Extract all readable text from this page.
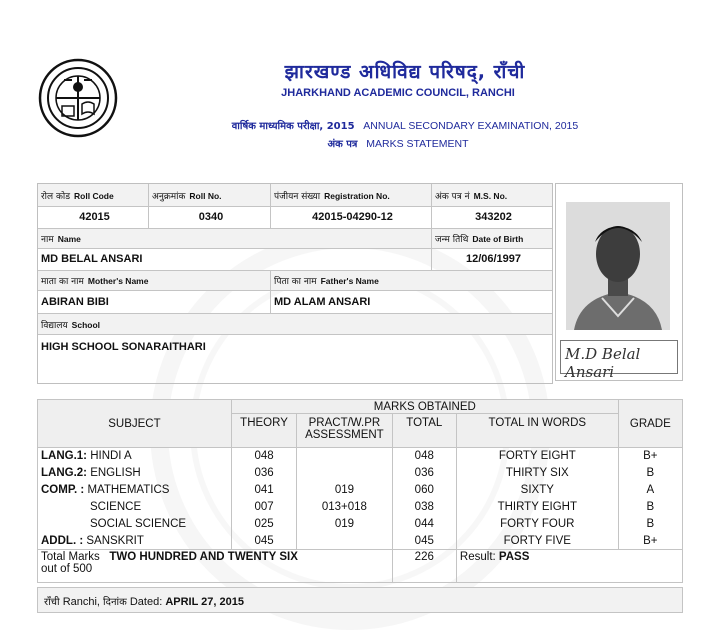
झारखण्ड अधिविद्य परिषद्, राँची
JHARKHAND ACADEMIC COUNCIL, RANCHI
वार्षिक माध्यमिक परीक्षा, 2015 ANNUAL SECONDARY EXAMINATION, 2015
अंक पत्र MARKS STATEMENT
रोल कोड Roll Code	अनुक्रमांक Roll No.	पंजीयन संख्या Registration No.	अंक पत्र नं M.S. No.
42015	0340	42015-04290-12	343202
नाम Name	जन्म तिथि Date of Birth
MD BELAL ANSARI	12/06/1997
माता का नाम Mother's Name	पिता का नाम Father's Name
ABIRAN BIBI	MD ALAM ANSARI
विद्यालय School
HIGH SCHOOL SONARAITHARI	M.D Belal Ansari
SUBJECT	MARKS OBTAINED				GRADE
	THEORY	PRACT/W.PR ASSESSMENT	TOTAL	TOTAL IN WORDS	
LANG.1: HINDI A	048		048	FORTY EIGHT	B+
LANG.2: ENGLISH	036		036	THIRTY SIX	B
COMP. : MATHEMATICS	041	019	060	SIXTY	A
SCIENCE	007	013+018	038	THIRTY EIGHT	B
SOCIAL SCIENCE	025	019	044	FORTY FOUR	B
ADDL. : SANSKRIT	045		045	FORTY FIVE	B+
Total Marks TWO HUNDRED AND TWENTY SIX
out of 500			226	Result: PASS	
राँची Ranchi, दिनांक Dated: APRIL 27, 2015
